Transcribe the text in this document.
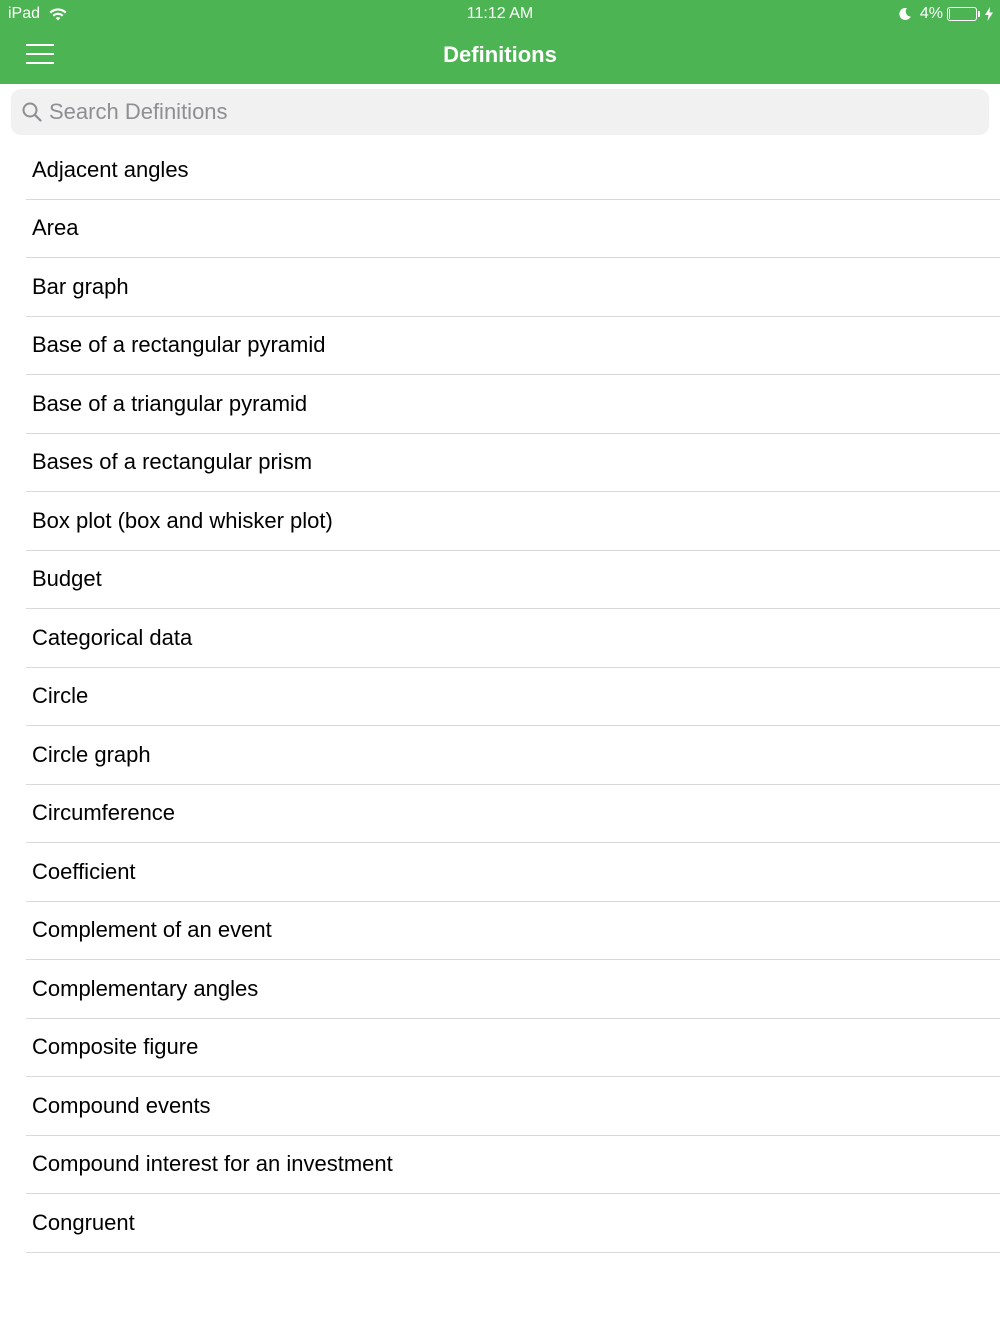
iPad	11:12 AM	4%
Definitions
Search Definitions
Adjacent angles
Area
Bar graph
Base of a rectangular pyramid
Base of a triangular pyramid
Bases of a rectangular prism
Box plot (box and whisker plot)
Budget
Categorical data
Circle
Circle graph
Circumference
Coefficient
Complement of an event
Complementary angles
Composite figure
Compound events
Compound interest for an investment
Congruent
